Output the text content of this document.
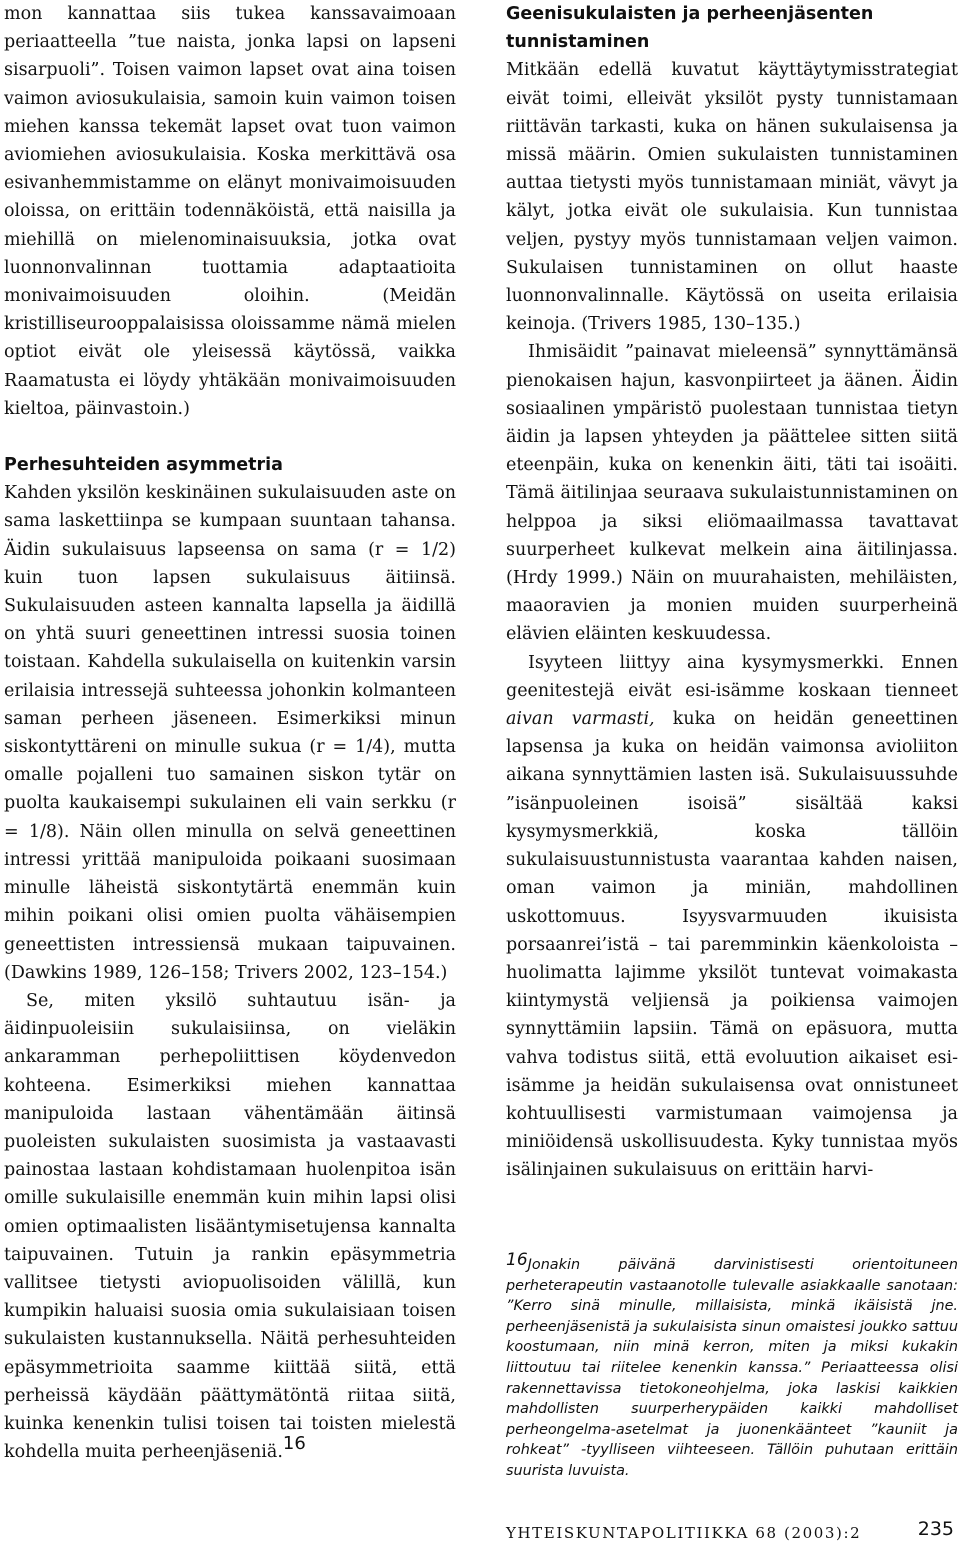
mon kannattaa siis tukea kanssavaimoaan periaatteella ”tue naista, jonka lapsi on lapseni sisarpuoli”. Toisen vaimon lapset ovat aina toisen vaimon aviosukulaisia, samoin kuin vaimon toisen miehen kanssa tekemät lapset ovat tuon vaimon aviomiehen aviosukulaisia. Koska merkittävä osa esivanhemmistamme on elänyt monivaimoisuuden oloissa, on erittäin todennäköistä, että naisilla ja miehillä on mielenominaisuuksia, jotka ovat luonnonvalinnan tuottamia adaptaatioita monivaimoisuuden oloihin. (Meidän kristilliseurooppalaisissa oloissamme nämä mielen optiot eivät ole yleisessä käytössä, vaikka Raamatusta ei löydy yhtäkään monivaimoisuuden kieltoa, päinvastoin.)

Perhesuhteiden asymmetria

Kahden yksilön keskinäinen sukulaisuuden aste on sama laskettiinpa se kumpaan suuntaan tahansa. Äidin sukulaisuus lapseensa on sama (r = 1/2) kuin tuon lapsen sukulaisuus äitiinsä. Sukulaisuuden asteen kannalta lapsella ja äidillä on yhtä suuri geneettinen intressi suosia toinen toistaan. Kahdella sukulaisella on kuitenkin varsin erilaisia intressejä suhteessa johonkin kolmanteen saman perheen jäseneen. Esimerkiksi minun siskontyttäreni on minulle sukua (r = 1/4), mutta omalle pojalleni tuo samainen siskon tytär on puolta kaukaisempi sukulainen eli vain serkku (r = 1/8). Näin ollen minulla on selvä geneettinen intressi yrittää manipuloida poikaani suosimaan minulle läheistä siskontytärtä enemmän kuin mihin poikani olisi omien puolta vähäisempien geneettisten intressiensä mukaan taipuvainen. (Dawkins 1989, 126–158; Trivers 2002, 123–154.)

Se, miten yksilö suhtautuu isän- ja äidinpuoleisiin sukulaisiinsa, on vieläkin ankaramman perhepoliittisen köydenvedon kohteena. Esimerkiksi miehen kannattaa manipuloida lastaan vähentämään äitinsä puoleisten sukulaisten suosimista ja vastaavasti painostaa lastaan kohdistamaan huolenpitoa isän omille sukulaisille enemmän kuin mihin lapsi olisi omien optimaalisten lisääntymisetujensa kannalta taipuvainen. Tutuin ja rankin epäsymmetria vallitsee tietysti aviopuolisoiden välillä, kun kumpikin haluaisi suosia omia sukulaisiaan toisen sukulaisten kustannuksella. Näitä perhesuhteiden epäsymmetrioita saamme kiittää siitä, että perheissä käydään päättymätöntä riitaa siitä, kuinka kenenkin tulisi toisen tai toisten mielestä kohdella muita perheenjäseniä.$^{16}$

Geenisukulaisten ja perheenjäsenten tunnistaminen

Mitkään edellä kuvatut käyttäytymisstrategiat eivät toimi, elleivät yksilöt pysty tunnistamaan riittävän tarkasti, kuka on hänen sukulaisensa ja missä määrin. Omien sukulaisten tunnistaminen auttaa tietysti myös tunnistamaan miniät, vävyt ja kälyt, jotka eivät ole sukulaisia. Kun tunnistaa veljen, pystyy myös tunnistamaan veljen vaimon. Sukulaisen tunnistaminen on ollut haaste luonnonvalinnalle. Käytössä on useita erilaisia keinoja. (Trivers 1985, 130–135.)

Ihmisäidit ”painavat mieleensä” synnyttämänsä pienokaisen hajun, kasvonpiirteet ja äänen. Äidin sosiaalinen ympäristö puolestaan tunnistaa tietyn äidin ja lapsen yhteyden ja päättelee sitten siitä eteenpäin, kuka on kenenkin äiti, täti tai isoäiti. Tämä äitilinjaa seuraava sukulaistunnistaminen on helppoa ja siksi eliömaailmassa tavattavat suurperheet kulkevat melkein aina äitilinjassa. (Hrdy 1999.) Näin on muurahaisten, mehiläisten, maaoravien ja monien muiden suurperheinä elävien eläinten keskuudessa.

Isyyteen liittyy aina kysymysmerkki. Ennen geenitestejä eivät esi-isämme koskaan tienneet aivan varmasti, kuka on heidän geneettinen lapsensa ja kuka on heidän vaimonsa avioliiton aikana synnyttämien lasten isä. Sukulaisuussuhde ”isänpuoleinen isoisä” sisältää kaksi kysymysmerkkiä, koska tällöin sukulaisuustunnistusta vaarantaa kahden naisen, oman vaimon ja miniän, mahdollinen uskottomuus. Isyysvarmuuden ikuisista porsaanrei’istä – tai paremminkin käenkoloista – huolimatta lajimme yksilöt tuntevat voimakasta kiintymystä veljiensä ja poikiensa vaimojen synnyttämiin lapsiin. Tämä on epäsuora, mutta vahva todistus siitä, että evoluution aikaiset esi-isämme ja heidän sukulaisensa ovat onnistuneet kohtuullisesti varmistumaan vaimojensa ja miniöidensä uskollisuudesta. Kyky tunnistaa myös isälinjainen sukulaisuus on erittäin harvi-

16Jonakin päivänä darvinistisesti orientoituneen perheterapeutin vastaanotolle tulevalle asiakkaalle sanotaan: ”Kerro sinä minulle, millaisista, minkä ikäisistä jne. perheenjäsenistä ja sukulaisista sinun omaistesi joukko sattuu koostumaan, niin minä kerron, miten ja miksi kukakin liittoutuu tai riitelee kenenkin kanssa.” Periaatteessa olisi rakennettavissa tietokoneohjelma, joka laskisi kaikkien mahdollisten suurperherypäiden kaikki mahdolliset perheongelma-asetelmat ja juonenkäänteet ”kauniit ja rohkeat” -tyylliseen viihteeseen. Tällöin puhutaan erittäin suurista luvuista.
YHTEISKUNTAPOLITIIKKA 68 (2003):2	235
